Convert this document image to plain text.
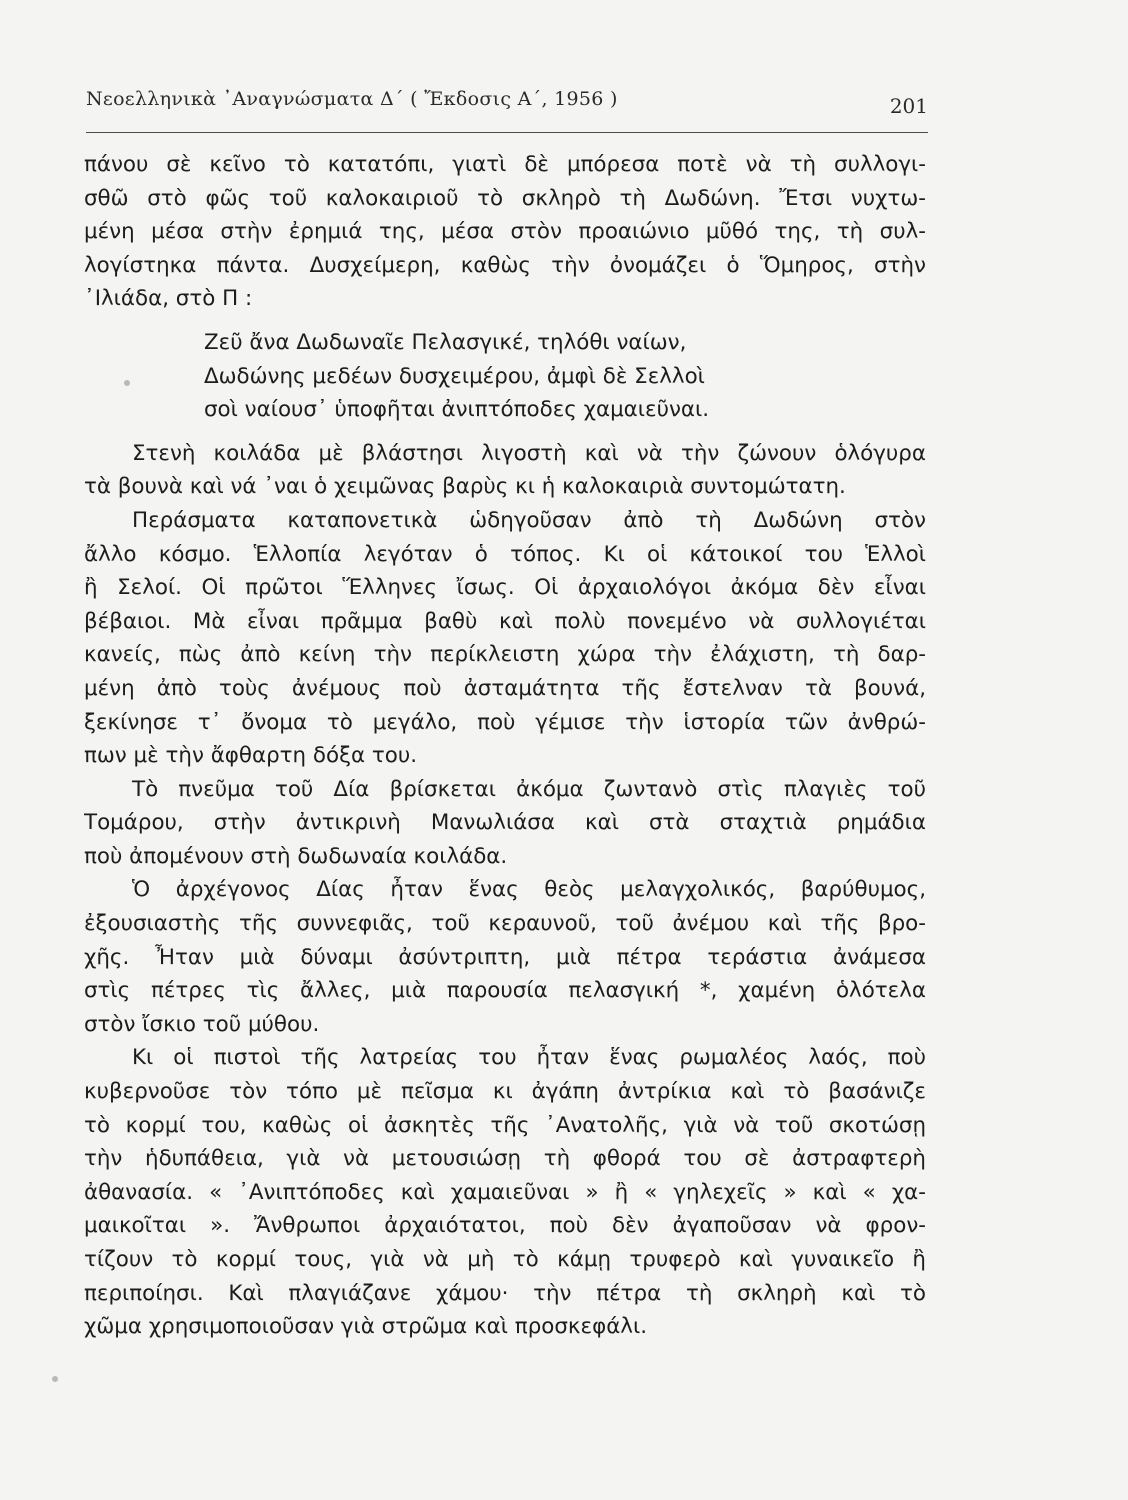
Νεοελληνικὰ ᾿Αναγνώσματα Δ΄ ( Ἔκδοσις Α΄, 1956 )	201
πάνου σὲ κεῖνο τὸ κατατόπι, γιατὶ δὲ μπόρεσα ποτὲ νὰ τὴ συλλογι-
σθῶ στὸ φῶς τοῦ καλοκαιριοῦ τὸ σκληρὸ τὴ Δωδώνη. Ἔτσι νυχτω-
μένη μέσα στὴν ἐρημιά της, μέσα στὸν προαιώνιο μῦθό της, τὴ συλ-
λογίστηκα πάντα. Δυσχείμερη, καθὼς τὴν ὀνομάζει ὁ Ὅμηρος, στὴν
᾿Ιλιάδα, στὸ Π :
Ζεῦ ἄνα Δωδωναῖε Πελασγικέ, τηλόθι ναίων,
Δωδώνης μεδέων δυσχειμέρου, ἀμφὶ δὲ Σελλοὶ
σοὶ ναίουσ᾿ ὑποφῆται ἀνιπτόποδες χαμαιεῦναι.
Στενὴ κοιλάδα μὲ βλάστησι λιγοστὴ καὶ νὰ τὴν ζώνουν ὁλόγυρα
τὰ βουνὰ καὶ νά ᾿ναι ὁ χειμῶνας βαρὺς κι ἡ καλοκαιριὰ συντομώτατη.
Περάσματα καταπονετικὰ ὡδηγοῦσαν ἀπὸ τὴ Δωδώνη στὸν
ἄλλο κόσμο. Ἑλλοπία λεγόταν ὁ τόπος. Κι οἱ κάτοικοί του Ἑλλοὶ
ἢ Σελοί. Οἱ πρῶτοι Ἕλληνες ἴσως. Οἱ ἀρχαιολόγοι ἀκόμα δὲν εἶναι
βέβαιοι. Μὰ εἶναι πρᾶμμα βαθὺ καὶ πολὺ πονεμένο νὰ συλλογιέται
κανείς, πὼς ἀπὸ κείνη τὴν περίκλειστη χώρα τὴν ἐλάχιστη, τὴ δαρ-
μένη ἀπὸ τοὺς ἀνέμους ποὺ ἀσταμάτητα τῆς ἔστελναν τὰ βουνά,
ξεκίνησε τ᾿ ὄνομα τὸ μεγάλο, ποὺ γέμισε τὴν ἱστορία τῶν ἀνθρώ-
πων μὲ τὴν ἄφθαρτη δόξα του.
Τὸ πνεῦμα τοῦ Δία βρίσκεται ἀκόμα ζωντανὸ στὶς πλαγιὲς τοῦ
Τομάρου, στὴν ἀντικρινὴ Μανωλιάσα καὶ στὰ σταχτιὰ ρημάδια
ποὺ ἀπομένουν στὴ δωδωναία κοιλάδα.
Ὁ ἀρχέγονος Δίας ἦταν ἕνας θεὸς μελαγχολικός, βαρύθυμος,
ἐξουσιαστὴς τῆς συννεφιᾶς, τοῦ κεραυνοῦ, τοῦ ἀνέμου καὶ τῆς βρο-
χῆς. Ἦταν μιὰ δύναμι ἀσύντριπτη, μιὰ πέτρα τεράστια ἀνάμεσα
στὶς πέτρες τὶς ἄλλες, μιὰ παρουσία πελασγική *, χαμένη ὁλότελα
στὸν ἴσκιο τοῦ μύθου.
Κι οἱ πιστοὶ τῆς λατρείας του ἦταν ἕνας ρωμαλέος λαός, ποὺ
κυβερνοῦσε τὸν τόπο μὲ πεῖσμα κι ἀγάπη ἀντρίκια καὶ τὸ βασάνιζε
τὸ κορμί του, καθὼς οἱ ἀσκητὲς τῆς ᾿Ανατολῆς, γιὰ νὰ τοῦ σκοτώσῃ
τὴν ἡδυπάθεια, γιὰ νὰ μετουσιώσῃ τὴ φθορά του σὲ ἀστραφτερὴ
ἀθανασία. « ᾿Ανιπτόποδες καὶ χαμαιεῦναι » ἢ « γηλεχεῖς » καὶ « χα-
μαικοῖται ». Ἄνθρωποι ἀρχαιότατοι, ποὺ δὲν ἀγαποῦσαν νὰ φρον-
τίζουν τὸ κορμί τους, γιὰ νὰ μὴ τὸ κάμῃ τρυφερὸ καὶ γυναικεῖο ἢ
περιποίησι. Καὶ πλαγιάζανε χάμου· τὴν πέτρα τὴ σκληρὴ καὶ τὸ
χῶμα χρησιμοποιοῦσαν γιὰ στρῶμα καὶ προσκεφάλι.
